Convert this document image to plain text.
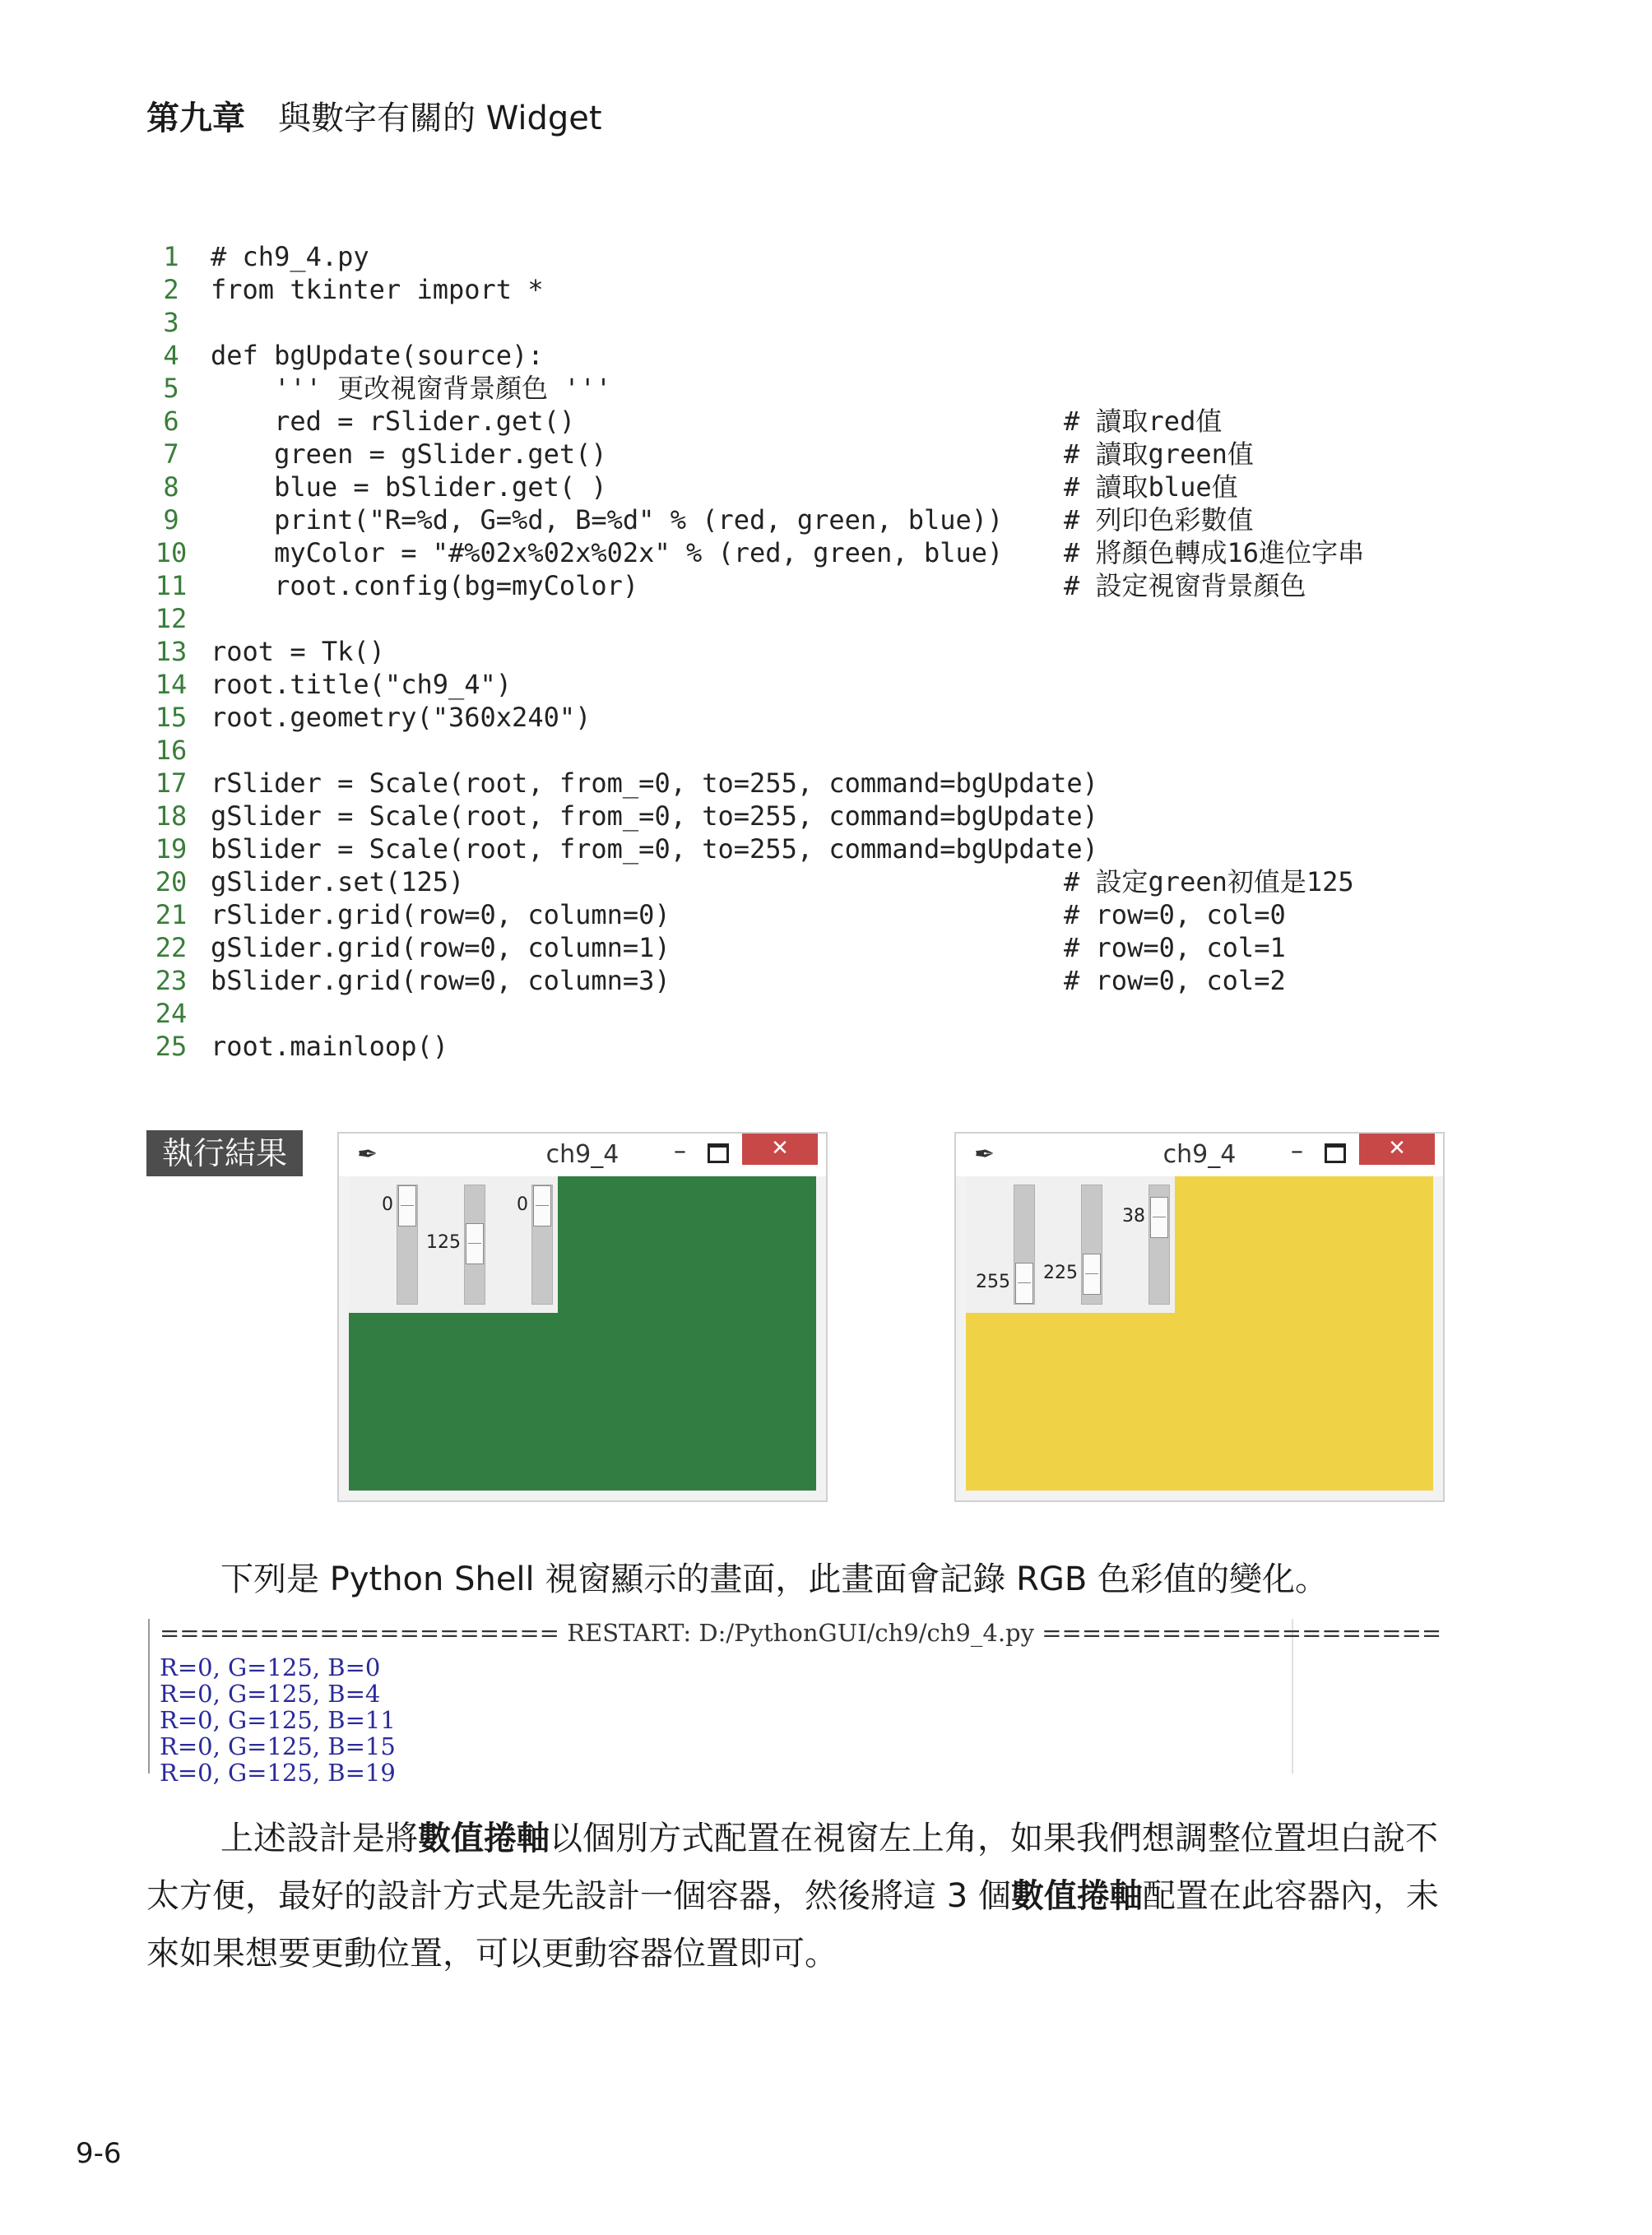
第九章 與數字有關的 Widget
1	# ch9_4.py
2	from tkinter import *
3
4	def bgUpdate(source):
5	''' 更改視窗背景顏色 '''
6	red = rSlider.get()	# 讀取red值
7	green = gSlider.get()	# 讀取green值
8	blue = bSlider.get( )	# 讀取blue值
9	print("R=%d, G=%d, B=%d" % (red, green, blue)) # 列印色彩數值
10 myColor = "#%02x%02x%02x" % (red, green, blue) # 將顏色轉成16進位字串
11 root.config(bg=myColor)	# 設定視窗背景顏色
12
13 root = Tk()
14 root.title("ch9_4")
15 root.geometry("360x240")
16
17 rSlider = Scale(root, from_=0, to=255, command=bgUpdate)
18 gSlider = Scale(root, from_=0, to=255, command=bgUpdate)
19 bSlider = Scale(root, from_=0, to=255, command=bgUpdate)
20 gSlider.set(125)	# 設定green初值是125
21 rSlider.grid(row=0, column=0)	# row=0, col=0
22 gSlider.grid(row=0, column=1)	# row=0, col=1
23 bSlider.grid(row=0, column=3)	# row=0, col=2
24
25 root.mainloop()
執行結果	✒	ch9_4	–	✕
0
125
0
✒	ch9_4	–	✕
255	225
38
下列是 Python Shell 視窗顯示的畫面，此畫面會記錄 RGB 色彩值的變化。
==================== RESTART: D:/PythonGUI/ch9/ch9_4.py ====================
R=0, G=125, B=0
R=0, G=125, B=4
R=0, G=125, B=11
R=0, G=125, B=15
R=0, G=125, B=19
上述設計是將數值捲軸以個別方式配置在視窗左上角，如果我們想調整位置坦白說不太方便，最好的設計方式是先設計一個容器，然後將這 3 個數值捲軸配置在此容器內，未來如果想要更動位置，可以更動容器位置即可。
9-6
